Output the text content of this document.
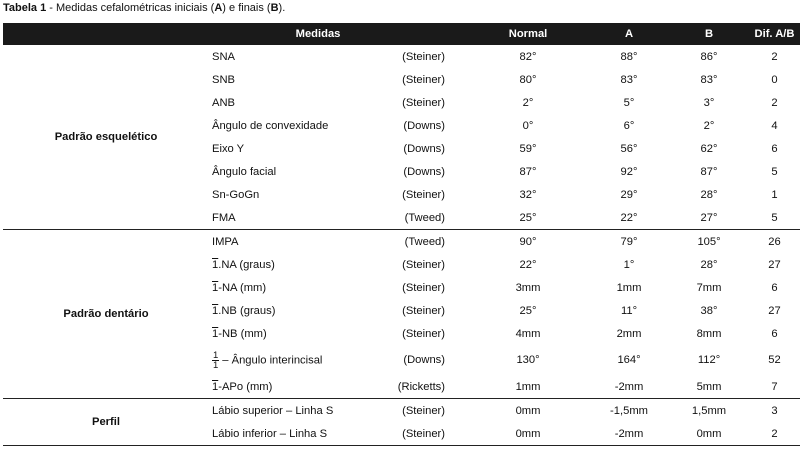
Tabela 1 - Medidas cefalométricas iniciais (A) e finais (B).
	Medidas		Normal	A	B	Dif. A/B
Padrão esquelético	SNA	(Steiner)	82°	88°	86°	2
	SNB	(Steiner)	80°	83°	83°	0
	ANB	(Steiner)	2°	5°	3°	2
	Ângulo de convexidade	(Downs)	0°	6°	2°	4
	Eixo Y	(Downs)	59°	56°	62°	6
	Ângulo facial	(Downs)	87°	92°	87°	5
	Sn-GoGn	(Steiner)	32°	29°	28°	1
	FMA	(Tweed)	25°	22°	27°	5
Padrão dentário	IMPA	(Tweed)	90°	79°	105°	26
	1.NA (graus)	(Steiner)	22°	1°	28°	27
	1-NA (mm)	(Steiner)	3mm	1mm	7mm	6
	1.NB (graus)	(Steiner)	25°	11°	38°	27
	1-NB (mm)	(Steiner)	4mm	2mm	8mm	6

	$\frac{1}{1}$ – Ângulo interincisal	(Downs)	130°	164°	112°	52
	1-APo (mm)	(Ricketts)	1mm	-2mm	5mm	7
Perfil	Lábio superior – Linha S	(Steiner)	0mm	-1,5mm	1,5mm	3
	Lábio inferior – Linha S	(Steiner)	0mm	-2mm	0mm	2
